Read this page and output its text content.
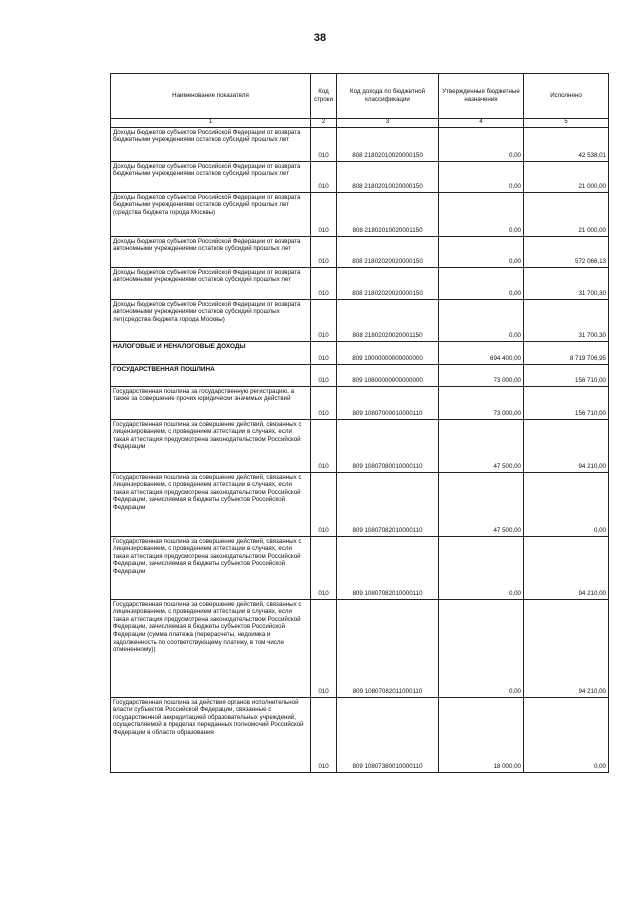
38
Наименование показателя	Код строки	Код дохода по бюджетной классификации	Утвержденные бюджетные назначения	Исполнено
1	2	3	4	5
Доходы бюджетов субъектов Российской Федерации от возврата бюджетными учреждениями остатков субсидий прошлых лет	010	808 21802010020000150	0,00	42 538,01
Доходы бюджетов субъектов Российской Федерации от возврата бюджетными учреждениями остатков субсидий прошлых лет	010	808 21802010020000150	0,00	21 000,00
Доходы бюджетов субъектов Российской Федерации от возврата бюджетными учреждениями остатков субсидий прошлых лет (средства бюджета города Москвы)	010	808 21802010020001150	0,00	21 000,00
Доходы бюджетов субъектов Российской Федерации от возврата автономными учреждениями остатков субсидий прошлых лет	010	808 21802020020000150	0,00	572 066,13
Доходы бюджетов субъектов Российской Федерации от возврата автономными учреждениями остатков субсидий прошлых лет	010	808 21802020020000150	0,00	31 700,30
Доходы бюджетов субъектов Российской Федерации от возврата автономными учреждениями остатков субсидий прошлых лет(средства бюджета города Москвы)	010	808 21802020020001150	0,00	31 700,30
НАЛОГОВЫЕ И НЕНАЛОГОВЫЕ ДОХОДЫ	010	809 10000000000000000	694 400,00	8 719 706,95
ГОСУДАРСТВЕННАЯ ПОШЛИНА	010	809 10800000000000000	73 000,00	156 710,00
Государственная пошлина за государственную регистрацию, а также за совершение прочих юридически значимых действий	010	809 10807000010000110	73 000,00	156 710,00
Государственная пошлина за совершение действий, связанных с лицензированием, с проведением аттестации в случаях, если такая аттестация предусмотрена законодательством Российской Федерации	010	809 10807080010000110	47 500,00	94 210,00
Государственная пошлина за совершение действий, связанных с лицензированием, с проведением аттестации в случаях, если такая аттестация предусмотрена законодательством Российской Федерации, зачисляемая в бюджеты субъектов Российской Федерации	010	809 10807082010000110	47 500,00	0,00
Государственная пошлина за совершение действий, связанных с лицензированием, с проведением аттестации в случаях, если такая аттестация предусмотрена законодательством Российской Федерации, зачисляемая в бюджеты субъектов Российской Федерации	010	809 10807082010000110	0,00	94 210,00
Государственная пошлина за совершение действий, связанных с лицензированием, с проведением аттестации в случаях, если такая аттестация предусмотрена законодательством Российской Федерации, зачисляемая в бюджеты субъектов Российской Федерации (сумма платежа (перерасчеты, недоимка и задолженность по соответствующему платежу, в том числе отмененному))	010	809 10807082011000110	0,00	94 210,00
Государственная пошлина за действия органов исполнительной власти субъектов Российской Федерации, связанные с государственной аккредитацией образовательных учреждений, осуществляемой в пределах переданных полномочий Российской Федерации в области образования	010	809 10807380010000110	18 000,00	0,00
